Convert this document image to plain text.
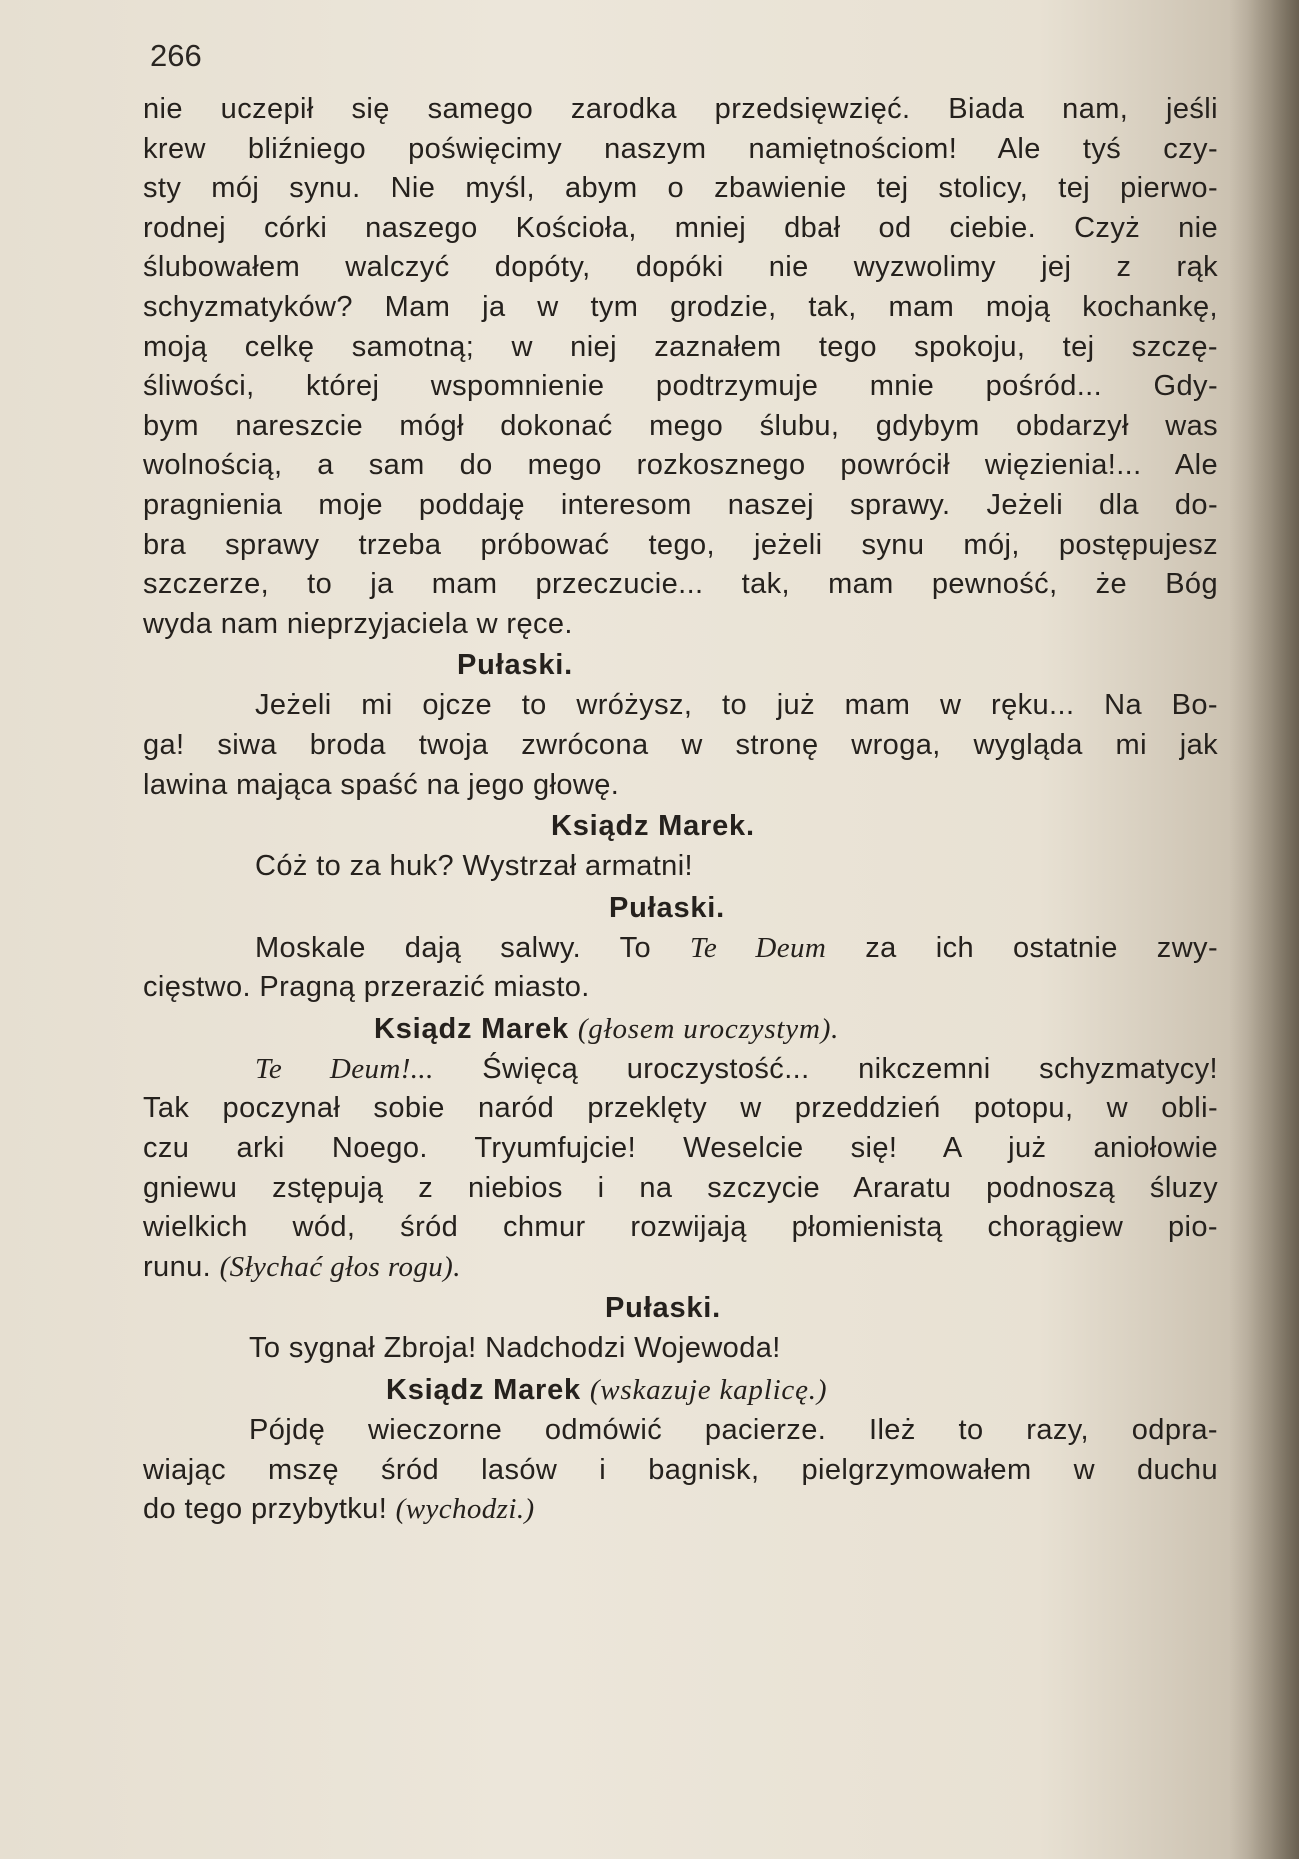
266
nie uczepił się samego zarodka przedsięwzięć. Biada nam, jeśli
krew bliźniego poświęcimy naszym namiętnościom! Ale tyś czy-
sty mój synu. Nie myśl, abym o zbawienie tej stolicy, tej pierwo-
rodnej córki naszego Kościoła, mniej dbał od ciebie. Czyż nie
ślubowałem walczyć dopóty, dopóki nie wyzwolimy jej z rąk
schyzmatyków? Mam ja w tym grodzie, tak, mam moją kochankę,
moją celkę samotną; w niej zaznałem tego spokoju, tej szczę-
śliwości, której wspomnienie podtrzymuje mnie pośród... Gdy-
bym nareszcie mógł dokonać mego ślubu, gdybym obdarzył was
wolnością, a sam do mego rozkosznego powrócił więzienia!... Ale
pragnienia moje poddaję interesom naszej sprawy. Jeżeli dla do-
bra sprawy trzeba próbować tego, jeżeli synu mój, postępujesz
szczerze, to ja mam przeczucie... tak, mam pewność, że Bóg
wyda nam nieprzyjaciela w ręce.
Pułaski.
Jeżeli mi ojcze to wróżysz, to już mam w ręku... Na Bo-
ga! siwa broda twoja zwrócona w stronę wroga, wygląda mi jak
lawina mająca spaść na jego głowę.
Ksiądz Marek.
Cóż to za huk? Wystrzał armatni!
Pułaski.
Moskale dają salwy. To Te Deum za ich ostatnie zwy-
cięstwo. Pragną przerazić miasto.
Ksiądz Marek (głosem uroczystym).
Te Deum!... Święcą uroczystość... nikczemni schyzmatycy!
Tak poczynał sobie naród przeklęty w przeddzień potopu, w obli-
czu arki Noego. Tryumfujcie! Weselcie się! A już aniołowie
gniewu zstępują z niebios i na szczycie Araratu podnoszą śluzy
wielkich wód, śród chmur rozwijają płomienistą chorągiew pio-
runu. (Słychać głos rogu).
Pułaski.
To sygnał Zbroja! Nadchodzi Wojewoda!
Ksiądz Marek (wskazuje kaplicę.)
Pójdę wieczorne odmówić pacierze. Ileż to razy, odpra-
wiając mszę śród lasów i bagnisk, pielgrzymowałem w duchu
do tego przybytku! (wychodzi.)
